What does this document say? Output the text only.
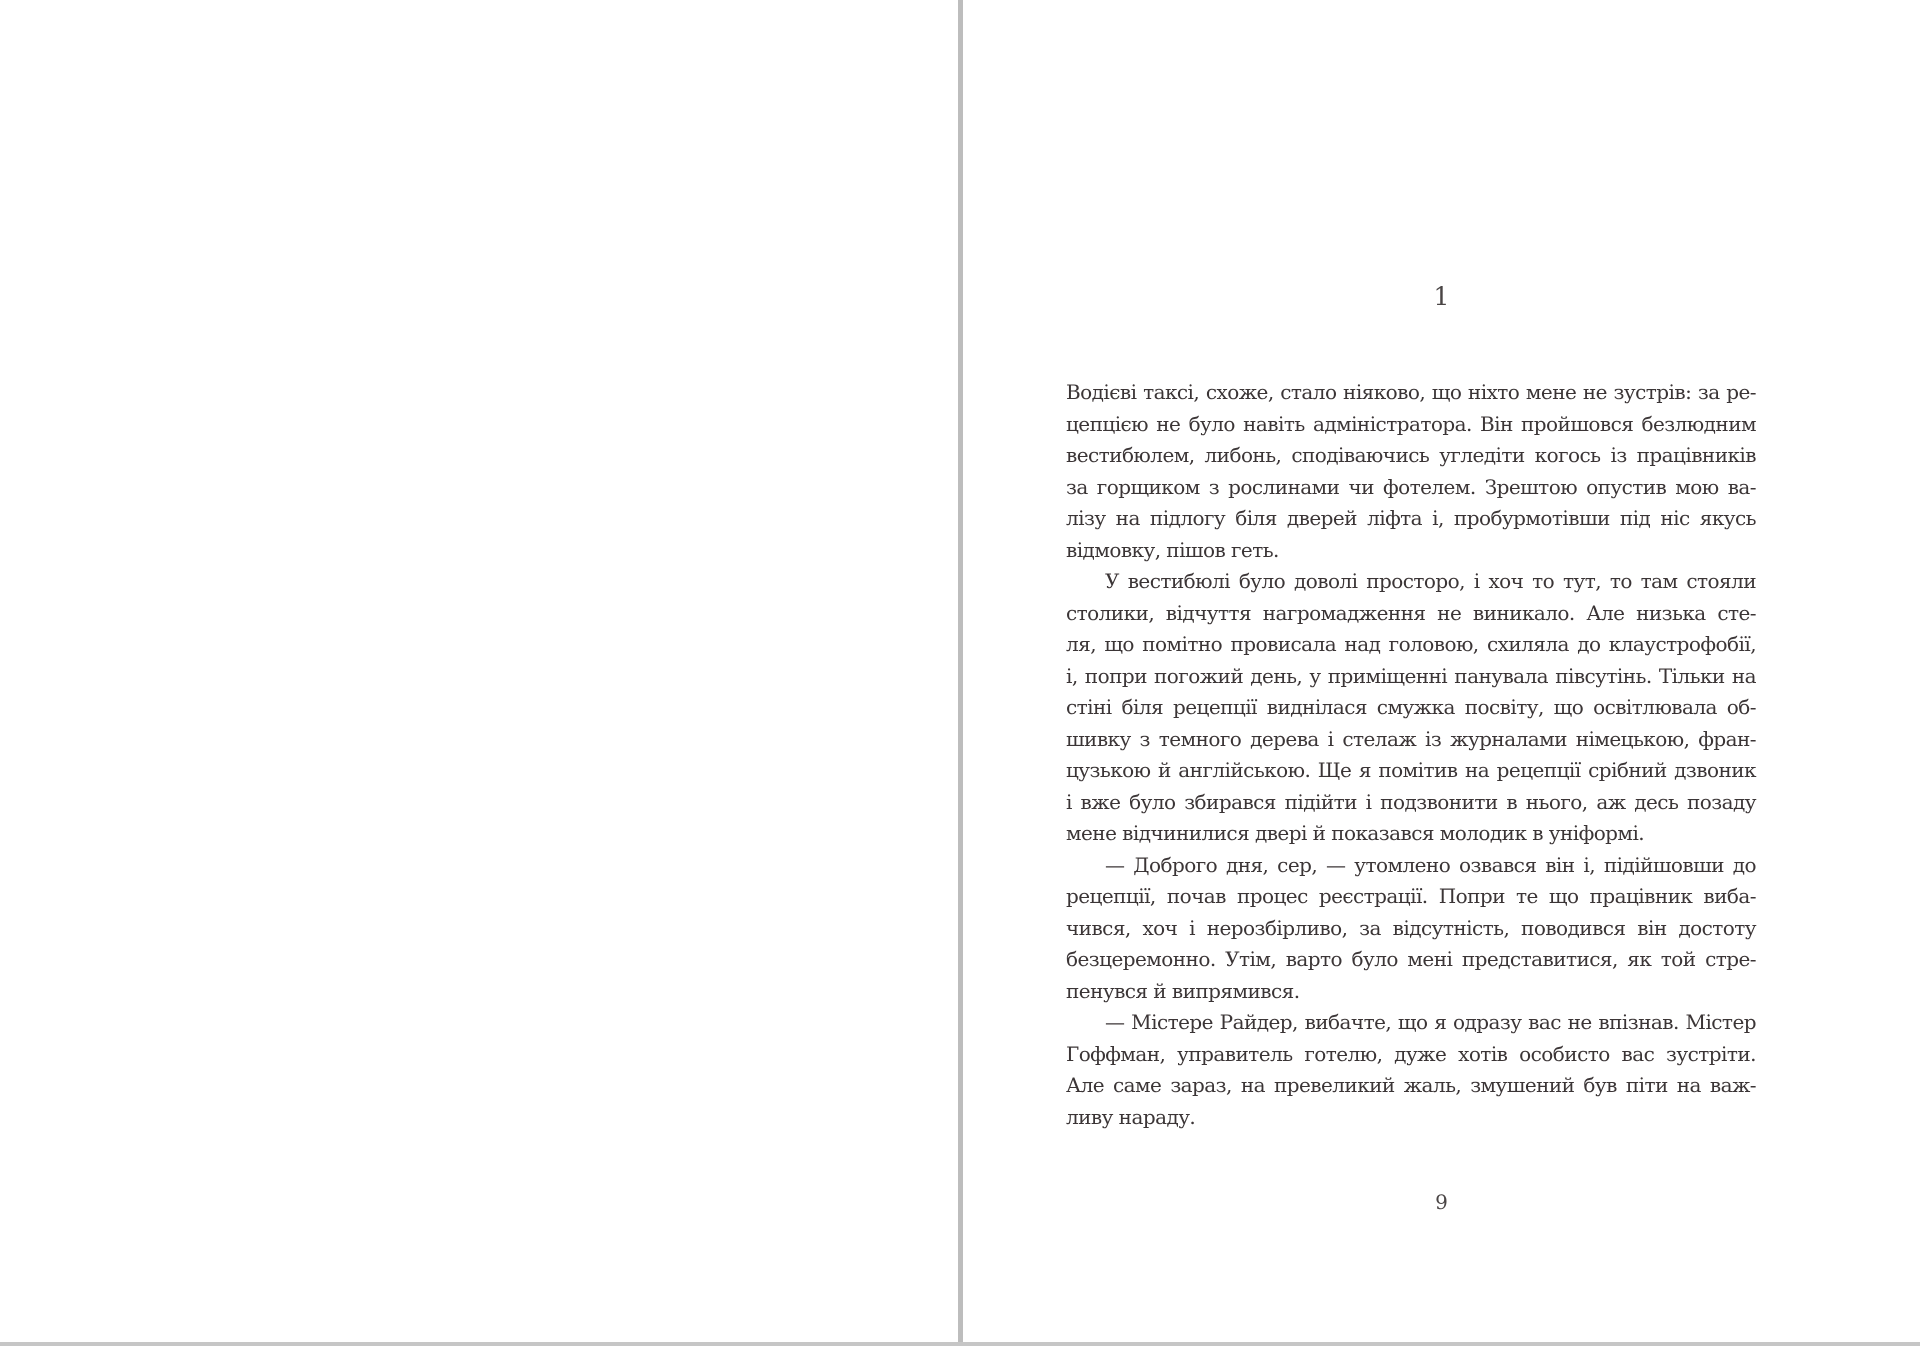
1
Водієві таксі, схоже, стало ніяково, що ніхто мене не зустрів: за ре-
цепцією не було навіть адміністратора. Він пройшовся безлюдним
вестибюлем, либонь, сподіваючись угледіти когось із працівників
за горщиком з рослинами чи фотелем. Зрештою опустив мою ва-
лізу на підлогу біля дверей ліфта і, пробурмотівши під ніс якусь
відмовку, пішов геть.
У вестибюлі було доволі просторо, і хоч то тут, то там стояли
столики, відчуття нагромадження не виникало. Але низька сте-
ля, що помітно провисала над головою, схиляла до клаустрофобії,
і, попри погожий день, у приміщенні панувала півсутінь. Тільки на
стіні біля рецепції виднілася смужка посвіту, що освітлювала об-
шивку з темного дерева і стелаж із журналами німецькою, фран-
цузькою й англійською. Ще я помітив на рецепції срібний дзвоник
і вже було збирався підійти і подзвонити в нього, аж десь позаду
мене відчинилися двері й показався молодик в уніформі.
— Доброго дня, сер, — утомлено озвався він і, підійшовши до
рецепції, почав процес реєстрації. Попри те що працівник виба-
чився, хоч і нерозбірливо, за відсутність, поводився він достоту
безцеремонно. Утім, варто було мені представитися, як той стре-
пенувся й випрямився.
— Містере Райдер, вибачте, що я одразу вас не впізнав. Містер
Гоффман, управитель готелю, дуже хотів особисто вас зустріти.
Але саме зараз, на превеликий жаль, змушений був піти на важ-
ливу нараду.
9
